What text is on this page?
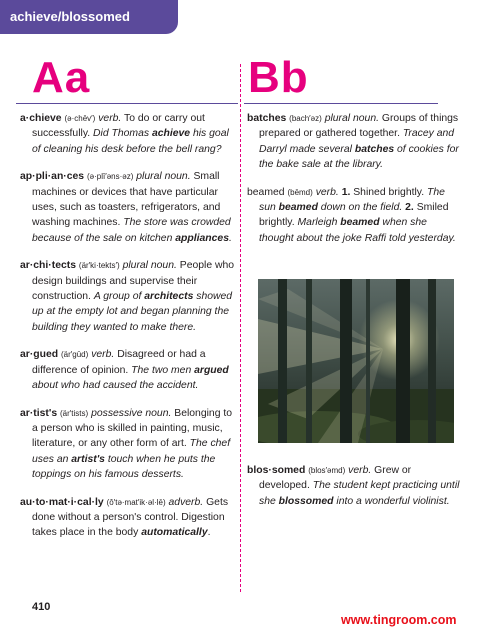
achieve/blossomed
Aa	Bb

a·chieve (ə·chēv′) verb. To do or carry out successfully. Did Thomas achieve his goal of cleaning his desk before the bell rang?

ap·pli·an·ces (ə·plī′əns·əz) plural noun. Small machines or devices that have particular uses, such as toasters, refrigerators, and washing machines. The store was crowded because of the sale on kitchen appliances.

ar·chi·tects (är′ki·tekts′) plural noun. People who design buildings and supervise their construction. A group of architects showed up at the empty lot and began planning the building they wanted to make there.

ar·gued (är′gūd) verb. Disagreed or had a difference of opinion. The two men argued about who had caused the accident.

ar·tist's (är′tists) possessive noun. Belonging to a person who is skilled in painting, music, literature, or any other form of art. The chef uses an artist's touch when he puts the toppings on his famous desserts.

au·to·mat·i·cal·ly (ô′tə·mat′ik·əl·lē) adverb. Gets done without a person's control. Digestion takes place in the body automatically.

batches (bach′əz) plural noun. Groups of things prepared or gathered together. Tracey and Darryl made several batches of cookies for the bake sale at the library.

beamed (bēmd) verb. 1. Shined brightly. The sun beamed down on the field. 2. Smiled brightly. Marleigh beamed when she thought about the joke Raffi told yesterday.

blos·somed (blos′əmd) verb. Grew or developed. The student kept practicing until she blossomed into a wonderful violinist.

410
www.tingroom.com
